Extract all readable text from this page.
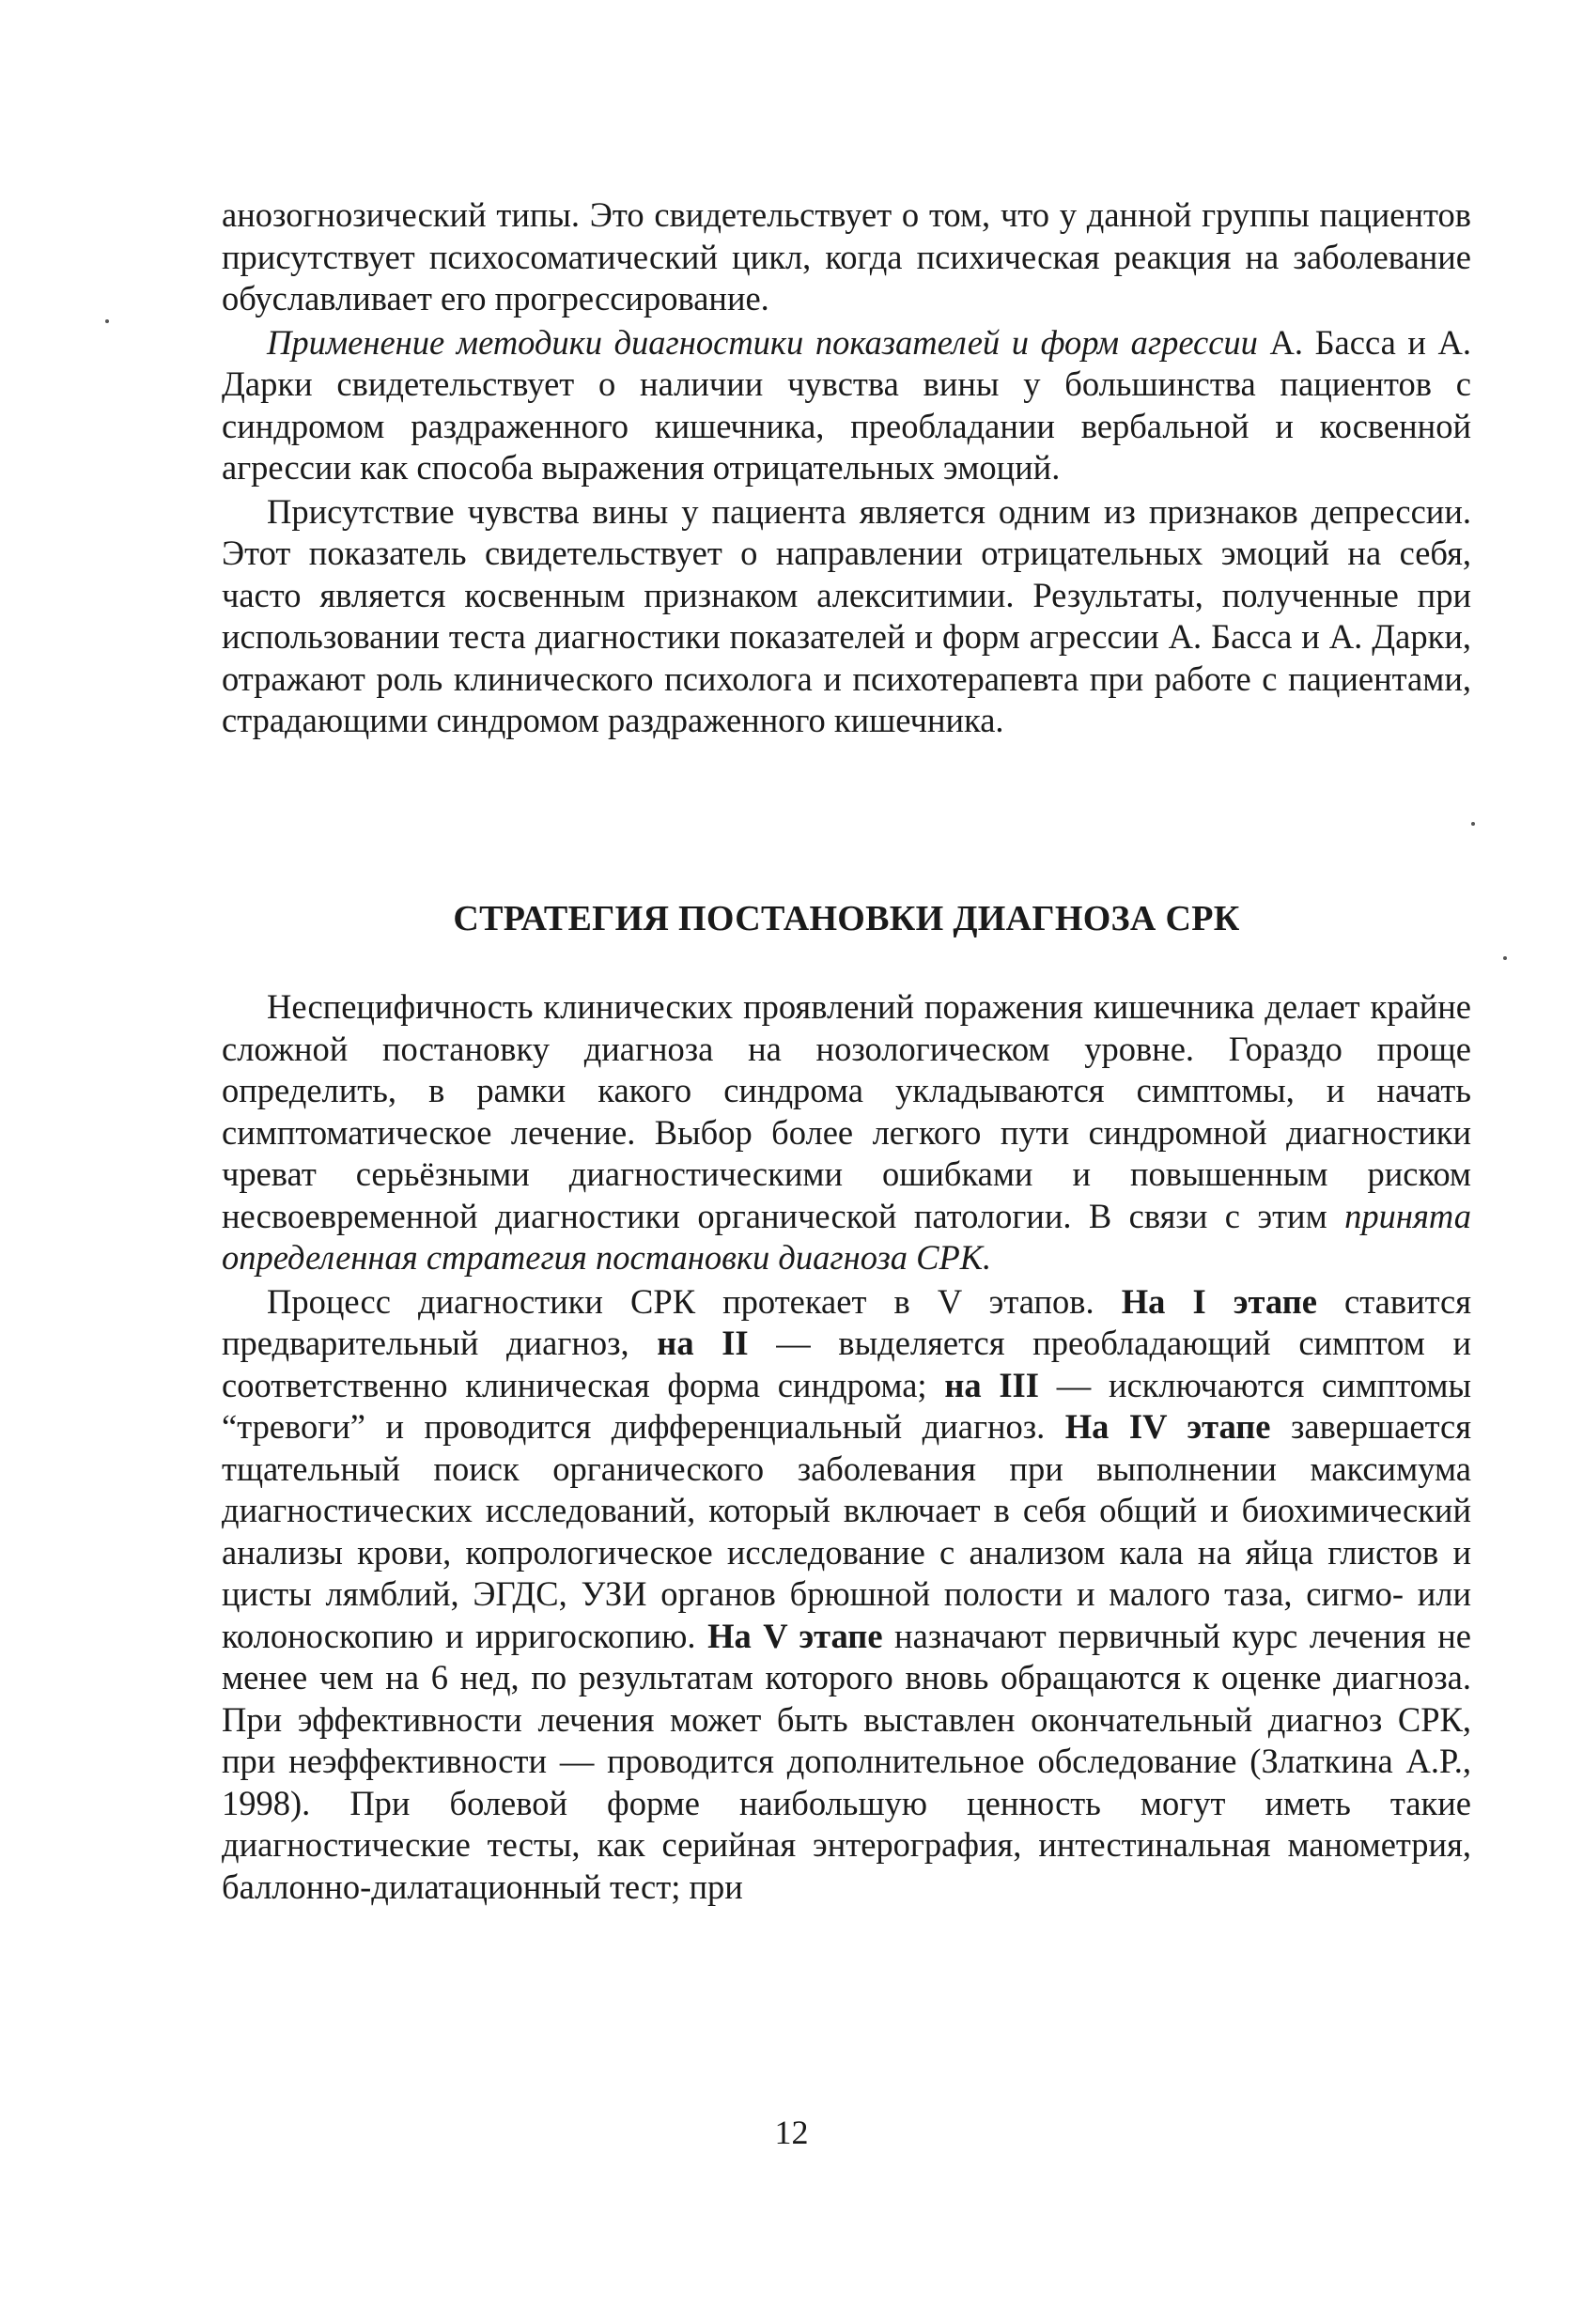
анозогнозический типы. Это свидетельствует о том, что у данной группы пациентов присутствует психосоматический цикл, когда психическая реакция на заболевание обуславливает его прогрессирование.

Применение методики диагностики показателей и форм агрессии А. Басса и А. Дарки свидетельствует о наличии чувства вины у большинства пациентов с синдромом раздраженного кишечника, преобладании вербальной и косвенной агрессии как способа выражения отрицательных эмоций.

Присутствие чувства вины у пациента является одним из признаков депрессии. Этот показатель свидетельствует о направлении отрицательных эмоций на себя, часто является косвенным признаком алекситимии. Результаты, полученные при использовании теста диагностики показателей и форм агрессии А. Басса и А. Дарки, отражают роль клинического психолога и психотерапевта при работе с пациентами, страдающими синдромом раздраженного кишечника.

СТРАТЕГИЯ ПОСТАНОВКИ ДИАГНОЗА СРК

Неспецифичность клинических проявлений поражения кишечника делает крайне сложной постановку диагноза на нозологическом уровне. Гораздо проще определить, в рамки какого синдрома укладываются симптомы, и начать симптоматическое лечение. Выбор более легкого пути синдромной диагностики чреват серьёзными диагностическими ошибками и повышенным риском несвоевременной диагностики органической патологии. В связи с этим принята определенная стратегия постановки диагноза СРК.

Процесс диагностики СРК протекает в V этапов. На I этапе ставится предварительный диагноз, на II — выделяется преобладающий симптом и соответственно клиническая форма синдрома; на III — исключаются симптомы “тревоги” и проводится дифференциальный диагноз. На IV этапе завершается тщательный поиск органического заболевания при выполнении максимума диагностических исследований, который включает в себя общий и биохимический анализы крови, копрологическое исследование с анализом кала на яйца глистов и цисты лямблий, ЭГДС, УЗИ органов брюшной полости и малого таза, сигмо- или колоноскопию и ирригоскопию. На V этапе назначают первичный курс лечения не менее чем на 6 нед, по результатам которого вновь обращаются к оценке диагноза. При эффективности лечения может быть выставлен окончательный диагноз СРК, при неэффективности — проводится дополнительное обследование (Златкина А.Р., 1998). При болевой форме наибольшую ценность могут иметь такие диагностические тесты, как серийная энтерография, интестинальная манометрия, баллонно-дилатационный тест; при

12
